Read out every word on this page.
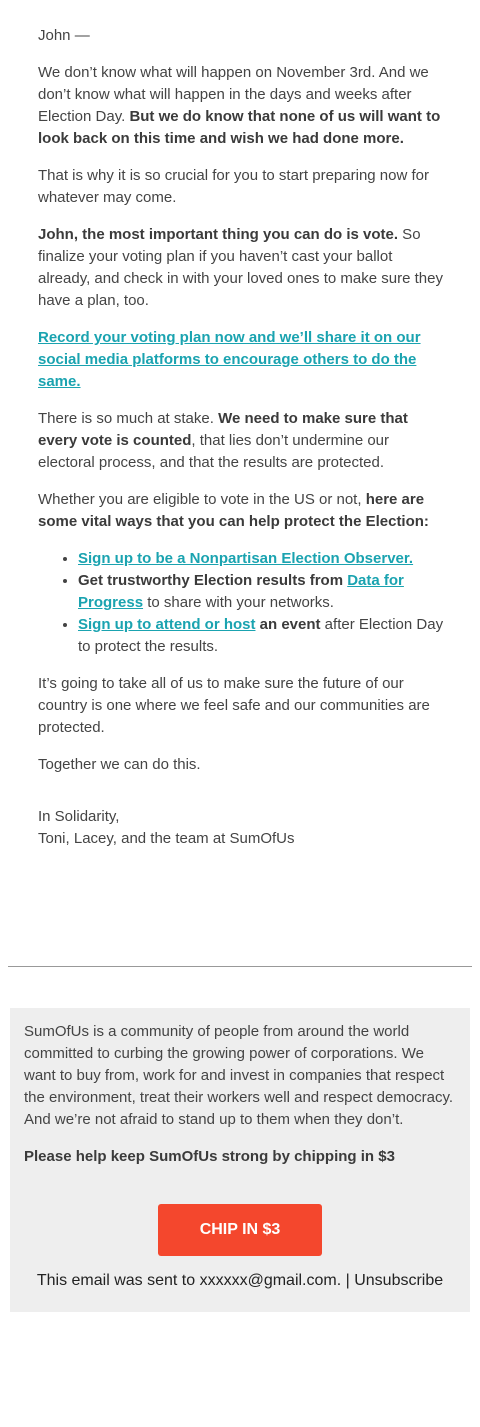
John —

We don’t know what will happen on November 3rd. And we don’t know what will happen in the days and weeks after Election Day. But we do know that none of us will want to look back on this time and wish we had done more.

That is why it is so crucial for you to start preparing now for whatever may come.

John, the most important thing you can do is vote. So finalize your voting plan if you haven’t cast your ballot already, and check in with your loved ones to make sure they have a plan, too.

Record your voting plan now and we’ll share it on our social media platforms to encourage others to do the same.

There is so much at stake. We need to make sure that every vote is counted, that lies don’t undermine our electoral process, and that the results are protected.

Whether you are eligible to vote in the US or not, here are some vital ways that you can help protect the Election:

• Sign up to be a Nonpartisan Election Observer.
• Get trustworthy Election results from Data for Progress to share with your networks.
• Sign up to attend or host an event after Election Day to protect the results.

It’s going to take all of us to make sure the future of our country is one where we feel safe and our communities are protected.

Together we can do this.

In Solidarity,
Toni, Lacey, and the team at SumOfUs

SumOfUs is a community of people from around the world committed to curbing the growing power of corporations. We want to buy from, work for and invest in companies that respect the environment, treat their workers well and respect democracy. And we’re not afraid to stand up to them when they don’t.

Please help keep SumOfUs strong by chipping in $3

CHIP IN $3
This email was sent to xxxxxx@gmail.com. | Unsubscribe
